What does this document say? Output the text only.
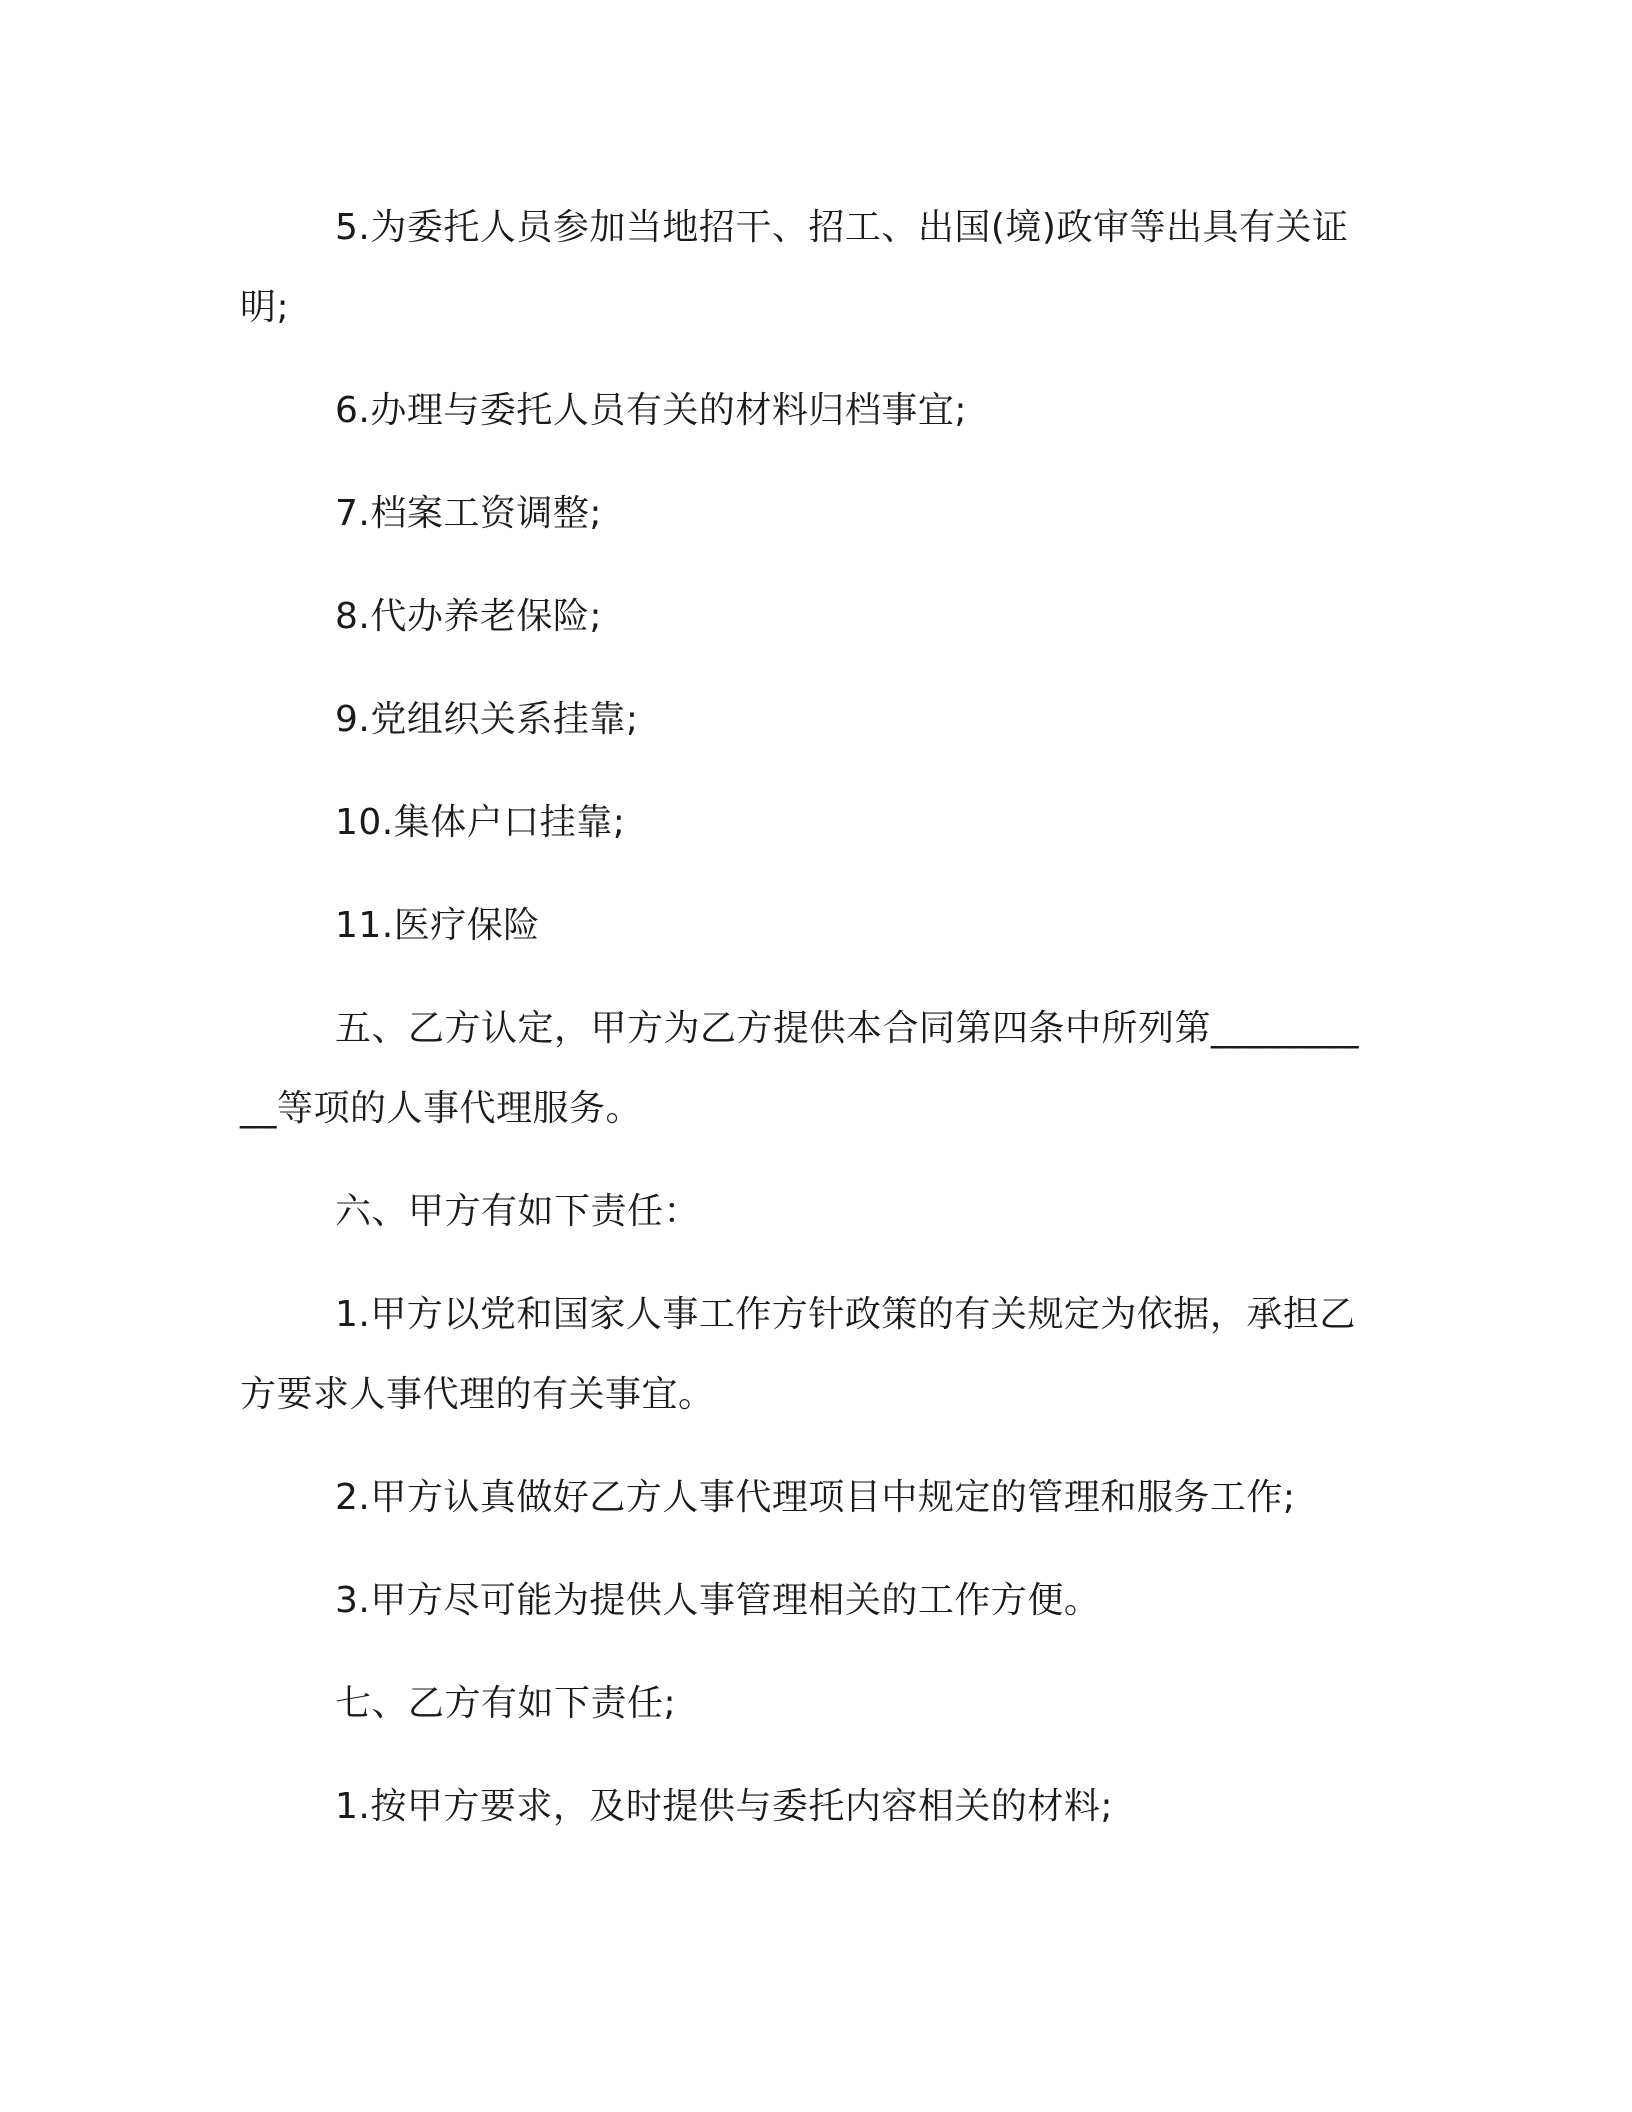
5.为委托人员参加当地招干、招工、出国(境)政审等出具有关证明;

6.办理与委托人员有关的材料归档事宜;

7.档案工资调整;

8.代办养老保险;

9.党组织关系挂靠;

10.集体户口挂靠;

11.医疗保险

五、乙方认定，甲方为乙方提供本合同第四条中所列第__________等项的人事代理服务。

六、甲方有如下责任：

1.甲方以党和国家人事工作方针政策的有关规定为依据，承担乙方要求人事代理的有关事宜。

2.甲方认真做好乙方人事代理项目中规定的管理和服务工作;

3.甲方尽可能为提供人事管理相关的工作方便。

七、乙方有如下责任;

1.按甲方要求，及时提供与委托内容相关的材料;
